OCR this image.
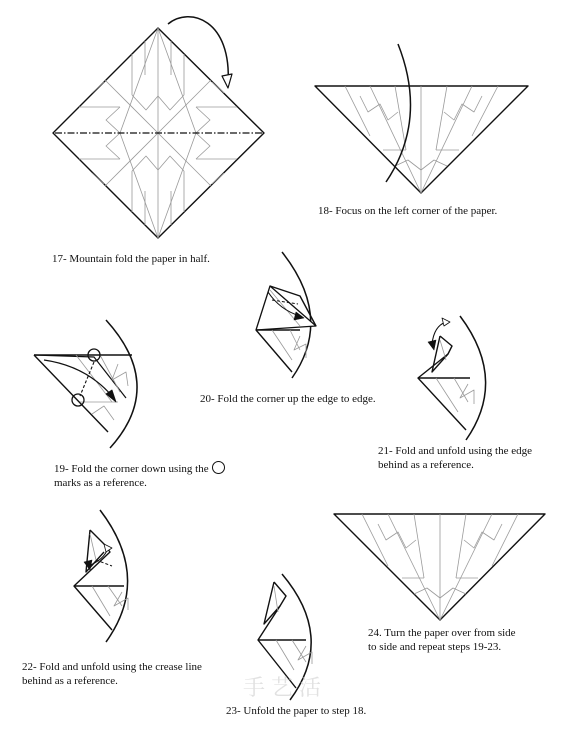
17- Mountain fold the paper in half.
18- Focus on the left corner of the paper.
19- Fold the corner down using the
marks as a reference.
20- Fold the corner up the edge to edge.
21- Fold and unfold using the edge
behind as a reference.
22- Fold and unfold using the crease line
behind as a reference.
24. Turn the paper over from side
to side and repeat steps 19-23.
手艺活
23- Unfold the paper to step 18.
